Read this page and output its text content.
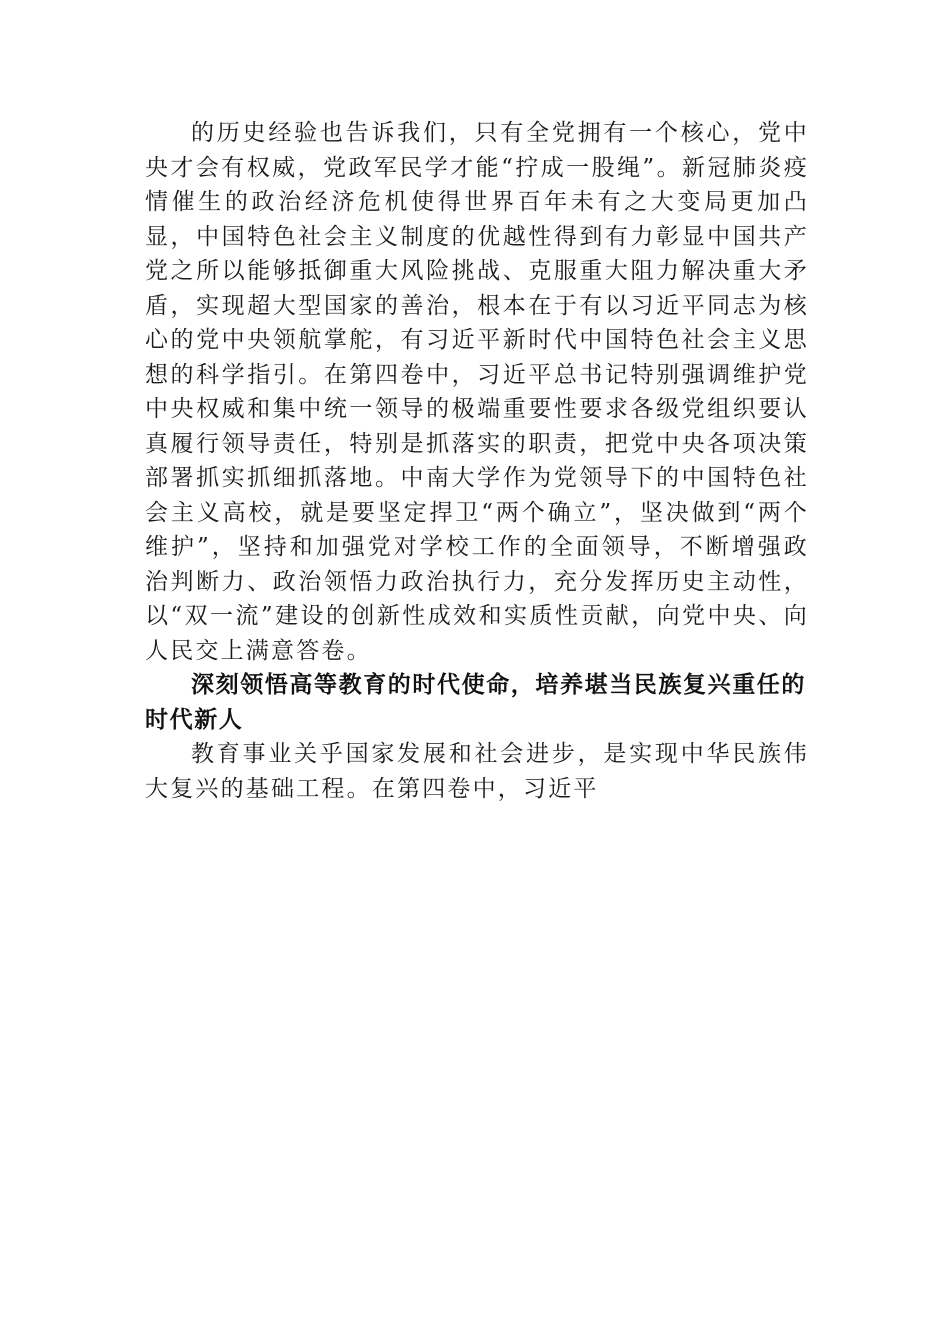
的历史经验也告诉我们，只有全党拥有一个核心，党中央才会有权威，党政军民学才能“拧成一股绳”。新冠肺炎疫情催生的政治经济危机使得世界百年未有之大变局更加凸显，中国特色社会主义制度的优越性得到有力彰显中国共产党之所以能够抵御重大风险挑战、克服重大阻力解决重大矛盾，实现超大型国家的善治，根本在于有以习近平同志为核心的党中央领航掌舵，有习近平新时代中国特色社会主义思想的科学指引。在第四卷中，习近平总书记特别强调维护党中央权威和集中统一领导的极端重要性要求各级党组织要认真履行领导责任，特别是抓落实的职责，把党中央各项决策部署抓实抓细抓落地。中南大学作为党领导下的中国特色社会主义高校，就是要坚定捍卫“两个确立”，坚决做到“两个维护”，坚持和加强党对学校工作的全面领导，不断增强政治判断力、政治领悟力政治执行力，充分发挥历史主动性，以“双一流”建设的创新性成效和实质性贡献，向党中央、向人民交上满意答卷。

深刻领悟高等教育的时代使命，培养堪当民族复兴重任的时代新人

教育事业关乎国家发展和社会进步，是实现中华民族伟大复兴的基础工程。在第四卷中，习近平
